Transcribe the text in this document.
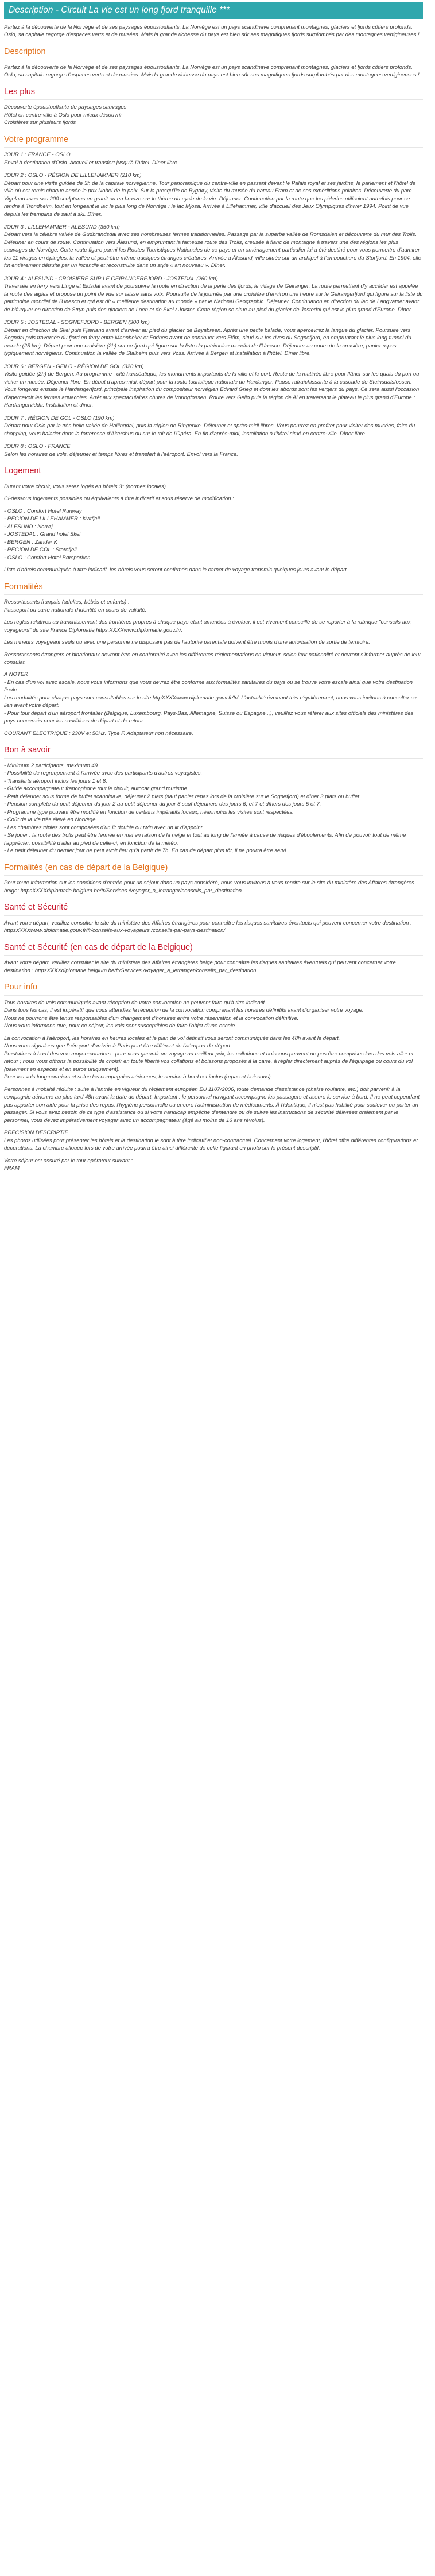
Description - Circuit La vie est un long fjord tranquille ***

Partez à la découverte de la Norvège et de ses paysages époustouflants. La Norvège est un pays scandinave comprenant montagnes, glaciers et fjords côtiers profonds. Oslo, sa capitale regorge d'espaces verts et de musées. Mais la grande richesse du pays est bien sûr ses magnifiques fjords surplombés par des montagnes vertigineuses !

Description

Partez à la découverte de la Norvège et de ses paysages époustouflants. La Norvège est un pays scandinave comprenant montagnes, glaciers et fjords côtiers profonds. Oslo, sa capitale regorge d'espaces verts et de musées. Mais la grande richesse du pays est bien sûr ses magnifiques fjords surplombés par des montagnes vertigineuses !

Les plus
Découverte époustouflante de paysages sauvages
Hôtel en centre-ville à Oslo pour mieux découvrir
Croisières sur plusieurs fjords
Votre programme
JOUR 1 : FRANCE - OSLO
Envol à destination d'Oslo. Accueil et transfert jusqu'à l'hôtel. Dîner libre.
JOUR 2 : OSLO - RÉGION DE LILLEHAMMER (210 km)
Départ pour une visite guidée de 3h de la capitale norvégienne. Tour panoramique du centre-ville en passant devant le Palais royal et ses jardins, le parlement et l'hôtel de ville où est remis chaque année le prix Nobel de la paix. Sur la presqu'île de Bygdøy, visite du musée du bateau Fram et de ses expéditions polaires. Découverte du parc Vigeland avec ses 200 sculptures en granit ou en bronze sur le thème du cycle de la vie. Déjeuner. Continuation par la route que les pèlerins utilisaient autrefois pour se rendre à Trondheim, tout en longeant le lac le plus long de Norvège : le lac Mjosa. Arrivée à Lillehammer, ville d'accueil des Jeux Olympiques d'hiver 1994. Point de vue depuis les tremplins de saut à ski. Dîner.
JOUR 3 : LILLEHAMMER - ALESUND (350 km)
Départ vers la célèbre vallée de Gudbrandsdal avec ses nombreuses fermes traditionnelles. Passage par la superbe vallée de Romsdalen et découverte du mur des Trolls. Déjeuner en cours de route. Continuation vers Ålesund, en empruntant la fameuse route des Trolls, creusée à flanc de montagne à travers une des régions les plus sauvages de Norvège. Cette route figure parmi les Routes Touristiques Nationales de ce pays et un aménagement particulier lui a été destiné pour vous permettre d'admirer les 11 virages en épingles, la vallée et peut-être même quelques étranges créatures. Arrivée à Ålesund, ville située sur un archipel à l'embouchure du Storfjord. En 1904, elle fut entièrement détruite par un incendie et reconstruite dans un style « art nouveau ». Dîner.
JOUR 4 : ALESUND - CROISIÈRE SUR LE GEIRANGERFJORD - JOSTEDAL (260 km)
Traversée en ferry vers Linge et Eidsdal avant de poursuivre la route en direction de la perle des fjords, le village de Geiranger. La route permettant d'y accéder est appelée la route des aigles et propose un point de vue sur laisse sans voix. Poursuite de la journée par une croisière d'environ une heure sur le Geirangerfjord qui figure sur la liste du patrimoine mondial de l'Unesco et qui est dit « meilleure destination au monde » par le National Geographic. Déjeuner. Continuation en direction du lac de Langvatnet avant de bifurquer en direction de Stryn puis des glaciers de Loen et de Skei / Jolster. Cette région se situe au pied du glacier de Jostedal qui est le plus grand d'Europe. Dîner.
JOUR 5 : JOSTEDAL - SOGNEFJORD - BERGEN (300 km)
Départ en direction de Skei puis Fjærland avant d'arriver au pied du glacier de Bøyabreen. Après une petite balade, vous apercevrez la langue du glacier. Poursuite vers Sogndal puis traversée du fjord en ferry entre Mannheller et Fodnes avant de continuer vers Flåm, situé sur les rives du Sognefjord, en empruntant le plus long tunnel du monde (25 km). Départ pour une croisière (2h) sur ce fjord qui figure sur la liste du patrimoine mondial de l'Unesco. Déjeuner au cours de la croisière, panier repas typiquement norvégiens. Continuation la vallée de Stalheim puis vers Voss. Arrivée à Bergen et installation à l'hôtel. Dîner libre.
JOUR 6 : BERGEN - GEILO - RÉGION DE GOL (320 km)
Visite guidée (2h) de Bergen. Au programme : cité hanséatique, les monuments importants de la ville et le port. Reste de la matinée libre pour flâner sur les quais du port ou visiter un musée. Déjeuner libre. En début d'après-midi, départ pour la route touristique nationale du Hardanger. Pause rafraîchissante à la cascade de Steinsdalsfossen. Vous longerez ensuite le Hardangerfjord, principale inspiration du compositeur norvégien Edvard Grieg et dont les abords sont les vergers du pays. Ce sera aussi l'occasion d'apercevoir les fermes aquacoles. Arrêt aux spectaculaires chutes de Voringfossen. Route vers Geilo puis la région de Al en traversant le plateau le plus grand d'Europe : Hardangervidda. Installation et dîner.
JOUR 7 : RÉGION DE GOL - OSLO (190 km)
Départ pour Oslo par la très belle vallée de Hallingdal, puis la région de Ringerike. Déjeuner et après-midi libres. Vous pourrez en profiter pour visiter des musées, faire du shopping, vous balader dans la forteresse d'Akershus ou sur le toit de l'Opéra. En fin d'après-midi, installation à l'hôtel situé en centre-ville. Dîner libre.
JOUR 8 : OSLO - FRANCE
Selon les horaires de vols, déjeuner et temps libres et transfert à l'aéroport. Envol vers la France.
Logement

Durant votre circuit, vous serez logés en hôtels 3* (normes locales).

Ci-dessous logements possibles ou équivalents à titre indicatif et sous réserve de modification :

- OSLO : Comfort Hotel Runway
- RÉGION DE LILLEHAMMER : Kvitfjell
- ALESUND : Norrøj
- JOSTEDAL : Grand hotel Skei
- BERGEN : Zander K
- RÉGION DE GOL : Storefjell
- OSLO : Comfort Hotel Børsparken

Liste d'hôtels communiquée à titre indicatif, les hôtels vous seront confirmés dans le carnet de voyage transmis quelques jours avant le départ

Formalités
Ressortissants français (adultes, bébés et enfants) :
Passeport ou carte nationale d'identité en cours de validité.
Les règles relatives au franchissement des frontières propres à chaque pays étant amenées à évoluer, il est vivement conseillé de se reporter à la rubrique "conseils aux voyageurs" du site France Diplomatie,https:XXXXwww.diplomatie.gouv.fr/.
Les mineurs voyageant seuls ou avec une personne ne disposant pas de l'autorité parentale doivent être munis d'une autorisation de sortie de territoire.
Ressortissants étrangers et binationaux devront être en conformité avec les différentes réglementations en vigueur, selon leur nationalité et devront s'informer auprès de leur consulat.
A NOTER
- En cas d'un vol avec escale, nous vous informons que vous devrez être conforme aux formalités sanitaires du pays où se trouve votre escale ainsi que votre destination finale.
Les modalités pour chaque pays sont consultables sur le site httpXXXXwww.diplomatie.gouv.fr/fr/. L'actualité évoluant très régulièrement, nous vous invitons à consulter ce lien avant votre départ.
- Pour tout départ d'un aéroport frontalier (Belgique, Luxembourg, Pays-Bas, Allemagne, Suisse ou Espagne...), veuillez vous référer aux sites officiels des ministères des pays concernés pour les conditions de départ et de retour.
COURANT ELECTRIQUE : 230V et 50Hz. Type F. Adaptateur non nécessaire.
Bon à savoir
- Minimum 2 participants, maximum 49.
- Possibilité de regroupement à l'arrivée avec des participants d'autres voyagistes.
- Transferts aéroport inclus les jours 1 et 8.
- Guide accompagnateur francophone tout le circuit, autocar grand tourisme.
- Petit déjeuner sous forme de buffet scandinave, déjeuner 2 plats (sauf panier repas lors de la croisière sur le Sognefjord) et dîner 3 plats ou buffet.
- Pension complète du petit déjeuner du jour 2 au petit déjeuner du jour 8 sauf déjeuners des jours 6, et 7 et dîners des jours 5 et 7.
- Programme type pouvant être modifié en fonction de certains impératifs locaux, néanmoins les visites sont respectées.
- Coût de la vie très élevé en Norvège.
- Les chambres triples sont composées d'un lit double ou twin avec un lit d'appoint.
- Se jouer : la route des trolls peut être fermée en mai en raison de la neige et tout au long de l'année à cause de risques d'éboulements. Afin de pouvoir tout de même l'apprécier, possibilité d'aller au pied de celle-ci, en fonction de la météo.
- Le petit déjeuner du dernier jour ne peut avoir lieu qu'à partir de 7h. En cas de départ plus tôt, il ne pourra être servi.
Formalités (en cas de départ de la Belgique)

Pour toute information sur les conditions d'entrée pour un séjour dans un pays considéré, nous vous invitons à vous rendre sur le site du ministère des Affaires étrangères belge: httpsXXXXdiplomatie.belgium.be/fr/Services /voyager_a_letranger/conseils_par_destination

Santé et Sécurité

Avant votre départ, veuillez consulter le site du ministère des Affaires étrangères pour connaître les risques sanitaires éventuels qui peuvent concerner votre destination : httpsXXXXwww.diplomatie.gouv.fr/fr/conseils-aux-voyageurs /conseils-par-pays-destination/

Santé et Sécurité (en cas de départ de la Belgique)

Avant votre départ, veuillez consulter le site du ministère des Affaires étrangères belge pour connaître les risques sanitaires éventuels qui peuvent concerner votre destination : httpsXXXXdiplomatie.belgium.be/fr/Services /voyager_a_letranger/conseils_par_destination

Pour info
Tous horaires de vols communiqués avant réception de votre convocation ne peuvent faire qu'à titre indicatif.
Dans tous les cas, il est impératif que vous attendiez la réception de la convocation comprenant les horaires définitifs avant d'organiser votre voyage.
Nous ne pourrons être tenus responsables d'un changement d'horaires entre votre réservation et la convocation définitive.
Nous vous informons que, pour ce séjour, les vols sont susceptibles de faire l'objet d'une escale.
La convocation à l'aéroport, les horaires en heures locales et le plan de vol définitif vous seront communiqués dans les 48h avant le départ.
Nous vous signalons que l'aéroport d'arrivée à Paris peut être différent de l'aéroport de départ.
Prestations à bord des vols moyen-courriers : pour vous garantir un voyage au meilleur prix, les collations et boissons peuvent ne pas être comprises lors des vols aller et retour ; nous vous offrons la possibilité de choisir en toute liberté vos collations et boissons proposés à la carte, à régler directement auprès de l'équipage ou cours du vol (paiement en espèces et en euros uniquement).
Pour les vols long-courriers et selon les compagnies aériennes, le service à bord est inclus (repas et boissons).
Personnes à mobilité réduite : suite à l'entrée en vigueur du règlement européen EU 1107/2006, toute demande d'assistance (chaise roulante, etc.) doit parvenir à la compagnie aérienne au plus tard 48h avant la date de départ. Important : le personnel navigant accompagne les passagers et assure le service à bord. Il ne peut cependant pas apporter son aide pour la prise des repas, l'hygiène personnelle ou encore l'administration de médicaments. À l'identique, il n'est pas habilité pour soulever ou porter un passager. Si vous avez besoin de ce type d'assistance ou si votre handicap empêche d'entendre ou de suivre les instructions de sécurité délivrées oralement par le personnel, vous devez impérativement voyager avec un accompagnateur (âgé au moins de 16 ans révolus).
PRÉCISION DESCRIPTIF
Les photos utilisées pour présenter les hôtels et la destination le sont à titre indicatif et non-contractuel. Concernant votre logement, l'hôtel offre différentes configurations et décorations. La chambre allouée lors de votre arrivée pourra être ainsi différente de celle figurant en photo sur le présent descriptif.
Votre séjour est assuré par le tour opérateur suivant :
FRAM
